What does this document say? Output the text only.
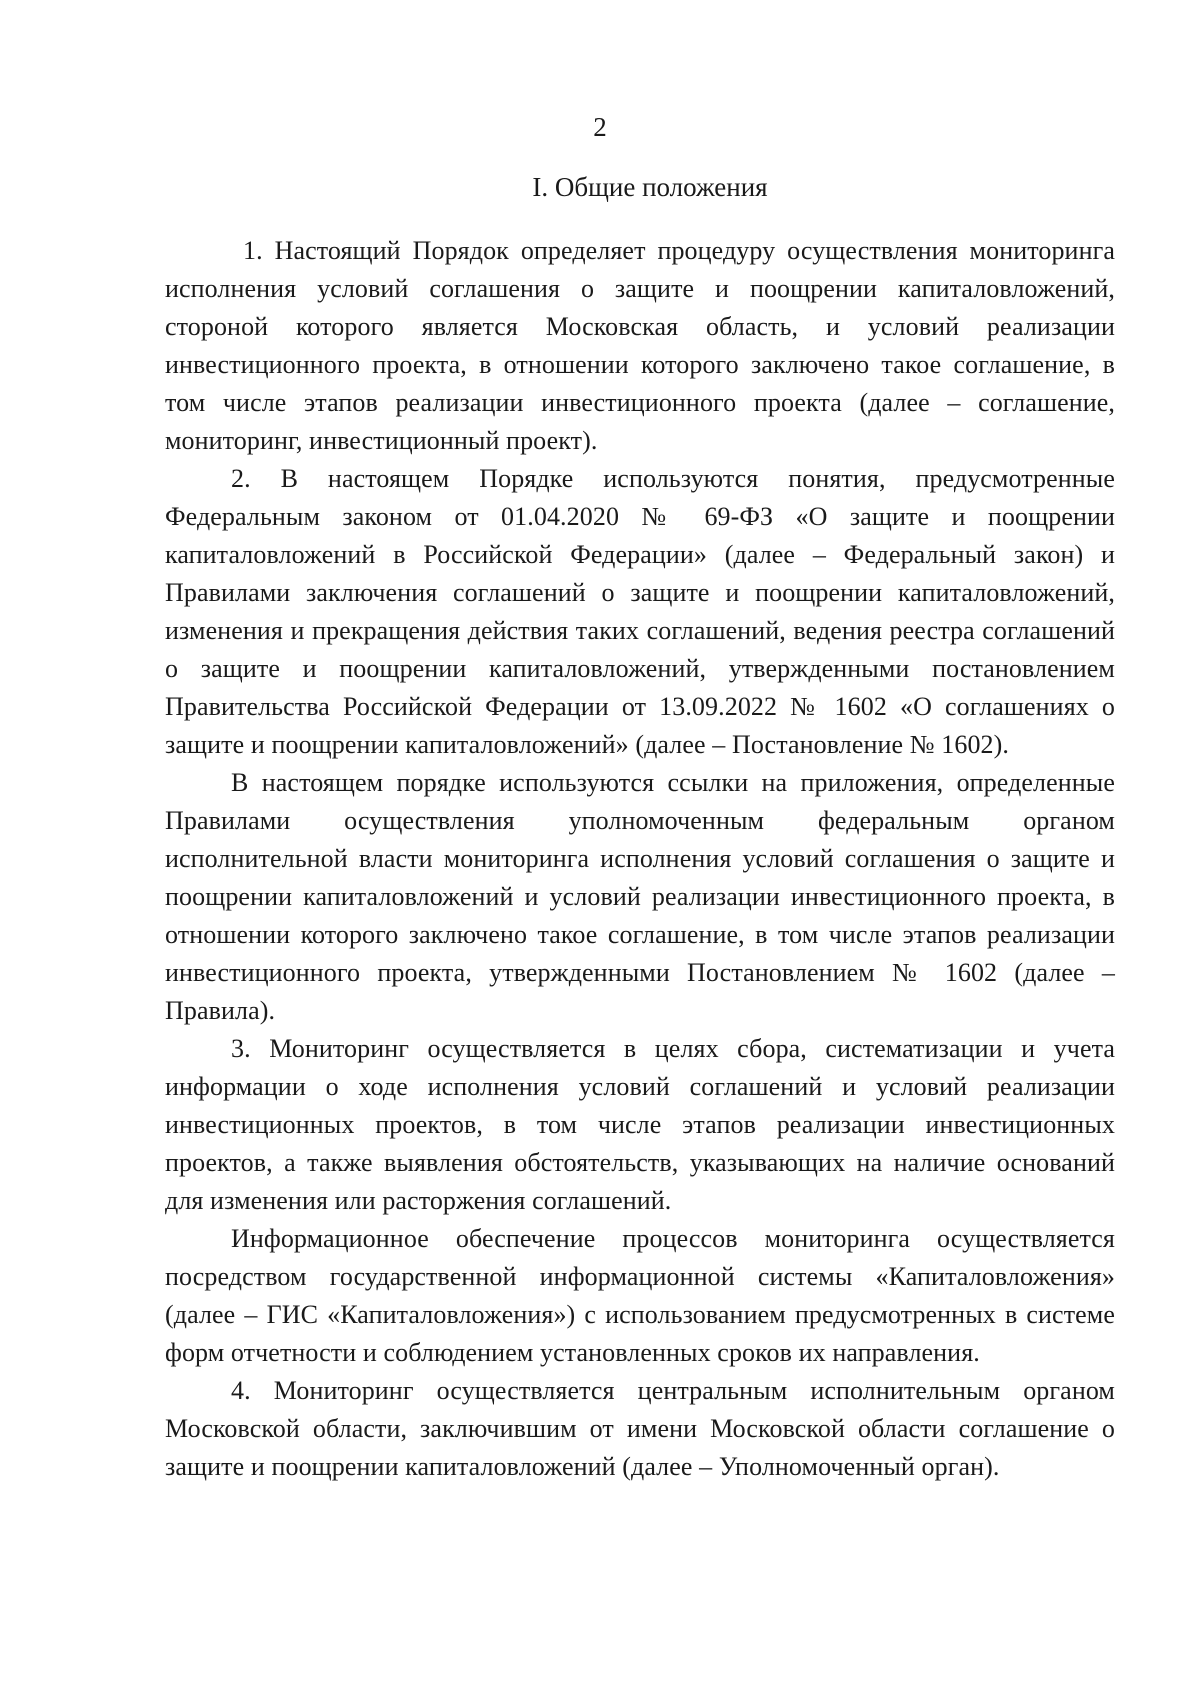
2
I. Общие положения

1. Настоящий Порядок определяет процедуру осуществления мониторинга исполнения условий соглашения о защите и поощрении капиталовложений, стороной которого является Московская область, и условий реализации инвестиционного проекта, в отношении которого заключено такое соглашение, в том числе этапов реализации инвестиционного проекта (далее – соглашение, мониторинг, инвестиционный проект).

2. В настоящем Порядке используются понятия, предусмотренные Федеральным законом от 01.04.2020 № 69-ФЗ «О защите и поощрении капиталовложений в Российской Федерации» (далее – Федеральный закон) и Правилами заключения соглашений о защите и поощрении капиталовложений, изменения и прекращения действия таких соглашений, ведения реестра соглашений о защите и поощрении капиталовложений, утвержденными постановлением Правительства Российской Федерации от 13.09.2022 № 1602 «О соглашениях о защите и поощрении капиталовложений» (далее – Постановление № 1602).

В настоящем порядке используются ссылки на приложения, определенные Правилами осуществления уполномоченным федеральным органом исполнительной власти мониторинга исполнения условий соглашения о защите и поощрении капиталовложений и условий реализации инвестиционного проекта, в отношении которого заключено такое соглашение, в том числе этапов реализации инвестиционного проекта, утвержденными Постановлением № 1602 (далее – Правила).

3. Мониторинг осуществляется в целях сбора, систематизации и учета информации о ходе исполнения условий соглашений и условий реализации инвестиционных проектов, в том числе этапов реализации инвестиционных проектов, а также выявления обстоятельств, указывающих на наличие оснований для изменения или расторжения соглашений.

Информационное обеспечение процессов мониторинга осуществляется посредством государственной информационной системы «Капиталовложения» (далее – ГИС «Капиталовложения») с использованием предусмотренных в системе форм отчетности и соблюдением установленных сроков их направления.

4. Мониторинг осуществляется центральным исполнительным органом Московской области, заключившим от имени Московской области соглашение о защите и поощрении капиталовложений (далее – Уполномоченный орган).
